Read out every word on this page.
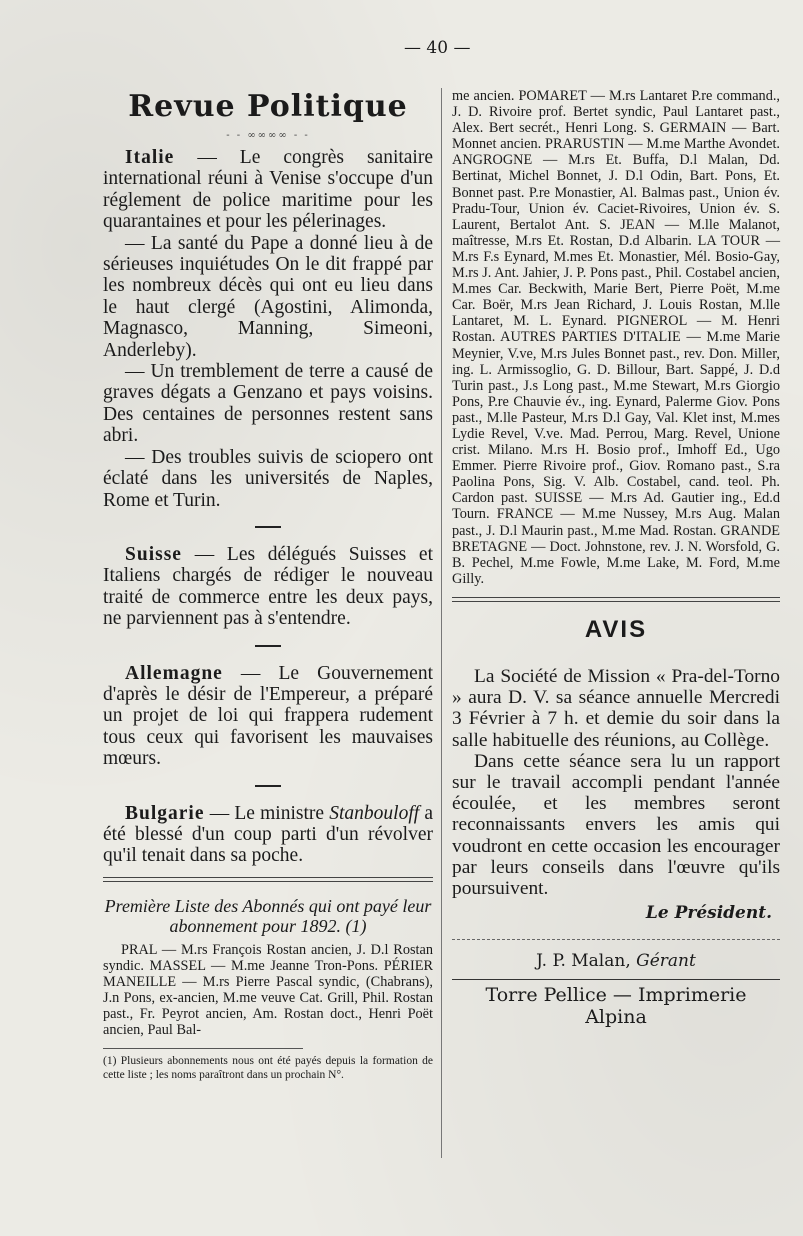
— 40 —
Revue Politique
- - ∞∞∞∞ - -

Italie — Le congrès sanitaire international réuni à Venise s'occupe d'un réglement de police maritime pour les quarantaines et pour les pélerinages.

— La santé du Pape a donné lieu à de sérieuses inquiétudes On le dit frappé par les nombreux décès qui ont eu lieu dans le haut clergé (Agostini, Alimonda, Magnasco, Manning, Simeoni, Anderleby).

— Un tremblement de terre a causé de graves dégats a Genzano et pays voisins. Des centaines de personnes restent sans abri.

— Des troubles suivis de sciopero ont éclaté dans les universités de Naples, Rome et Turin.

Suisse — Les délégués Suisses et Italiens chargés de rédiger le nouveau traité de commerce entre les deux pays, ne parviennent pas à s'entendre.

Allemagne — Le Gouvernement d'après le désir de l'Empereur, a préparé un projet de loi qui frappera rudement tous ceux qui favorisent les mauvaises mœurs.

Bulgarie — Le ministre Stanbouloff a été blessé d'un coup parti d'un révolver qu'il tenait dans sa poche.

Première Liste des Abonnés qui ont payé leur abonnement pour 1892. (1)

PRAL — M.rs François Rostan ancien, J. D.l Rostan syndic. MASSEL — M.me Jeanne Tron-Pons. PÉRIER MANEILLE — M.rs Pierre Pascal syndic, (Chabrans), J.n Pons, ex-ancien, M.me veuve Cat. Grill, Phil. Rostan past., Fr. Peyrot ancien, Am. Rostan doct., Henri Poët ancien, Paul Bal-

(1) Plusieurs abonnements nous ont été payés depuis la formation de cette liste ; les noms paraîtront dans un prochain N°.

me ancien. POMARET — M.rs Lantaret P.re command., J. D. Rivoire prof. Bertet syndic, Paul Lantaret past., Alex. Bert secrét., Henri Long. S. GERMAIN — Bart. Monnet ancien. PRARUSTIN — M.me Marthe Avondet. ANGROGNE — M.rs Et. Buffa, D.l Malan, Dd. Bertinat, Michel Bonnet, J. D.l Odin, Bart. Pons, Et. Bonnet past. P.re Monastier, Al. Balmas past., Union év. Pradu-Tour, Union év. Caciet-Rivoires, Union év. S. Laurent, Bertalot Ant. S. JEAN — M.lle Malanot, maîtresse, M.rs Et. Rostan, D.d Albarin. LA TOUR — M.rs F.s Eynard, M.mes Et. Monastier, Mél. Bosio-Gay, M.rs J. Ant. Jahier, J. P. Pons past., Phil. Costabel ancien, M.mes Car. Beckwith, Marie Bert, Pierre Poët, M.me Car. Boër, M.rs Jean Richard, J. Louis Rostan, M.lle Lantaret, M. L. Eynard. PIGNEROL — M. Henri Rostan. AUTRES PARTIES D'ITALIE — M.me Marie Meynier, V.ve, M.rs Jules Bonnet past., rev. Don. Miller, ing. L. Armissoglio, G. D. Billour, Bart. Sappé, J. D.d Turin past., J.s Long past., M.me Stewart, M.rs Giorgio Pons, P.re Chauvie év., ing. Eynard, Palerme Giov. Pons past., M.lle Pasteur, M.rs D.l Gay, Val. Klet inst, M.mes Lydie Revel, V.ve. Mad. Perrou, Marg. Revel, Unione crist. Milano. M.rs H. Bosio prof., Imhoff Ed., Ugo Emmer. Pierre Rivoire prof., Giov. Romano past., S.ra Paolina Pons, Sig. V. Alb. Costabel, cand. teol. Ph. Cardon past. SUISSE — M.rs Ad. Gautier ing., Ed.d Tourn. FRANCE — M.me Nussey, M.rs Aug. Malan past., J. D.l Maurin past., M.me Mad. Rostan. GRANDE BRETAGNE — Doct. Johnstone, rev. J. N. Worsfold, G. B. Pechel, M.me Fowle, M.me Lake, M. Ford, M.me Gilly.

AVIS

La Société de Mission « Pra-del-Torno » aura D. V. sa séance annuelle Mercredi 3 Février à 7 h. et demie du soir dans la salle habituelle des réunions, au Collège.

Dans cette séance sera lu un rapport sur le travail accompli pendant l'année écoulée, et les membres seront reconnaissants envers les amis qui voudront en cette occasion les encourager par leurs conseils dans l'œuvre qu'ils poursuivent.

Le Président.
J. P. Malan, Gérant
Torre Pellice — Imprimerie Alpina
